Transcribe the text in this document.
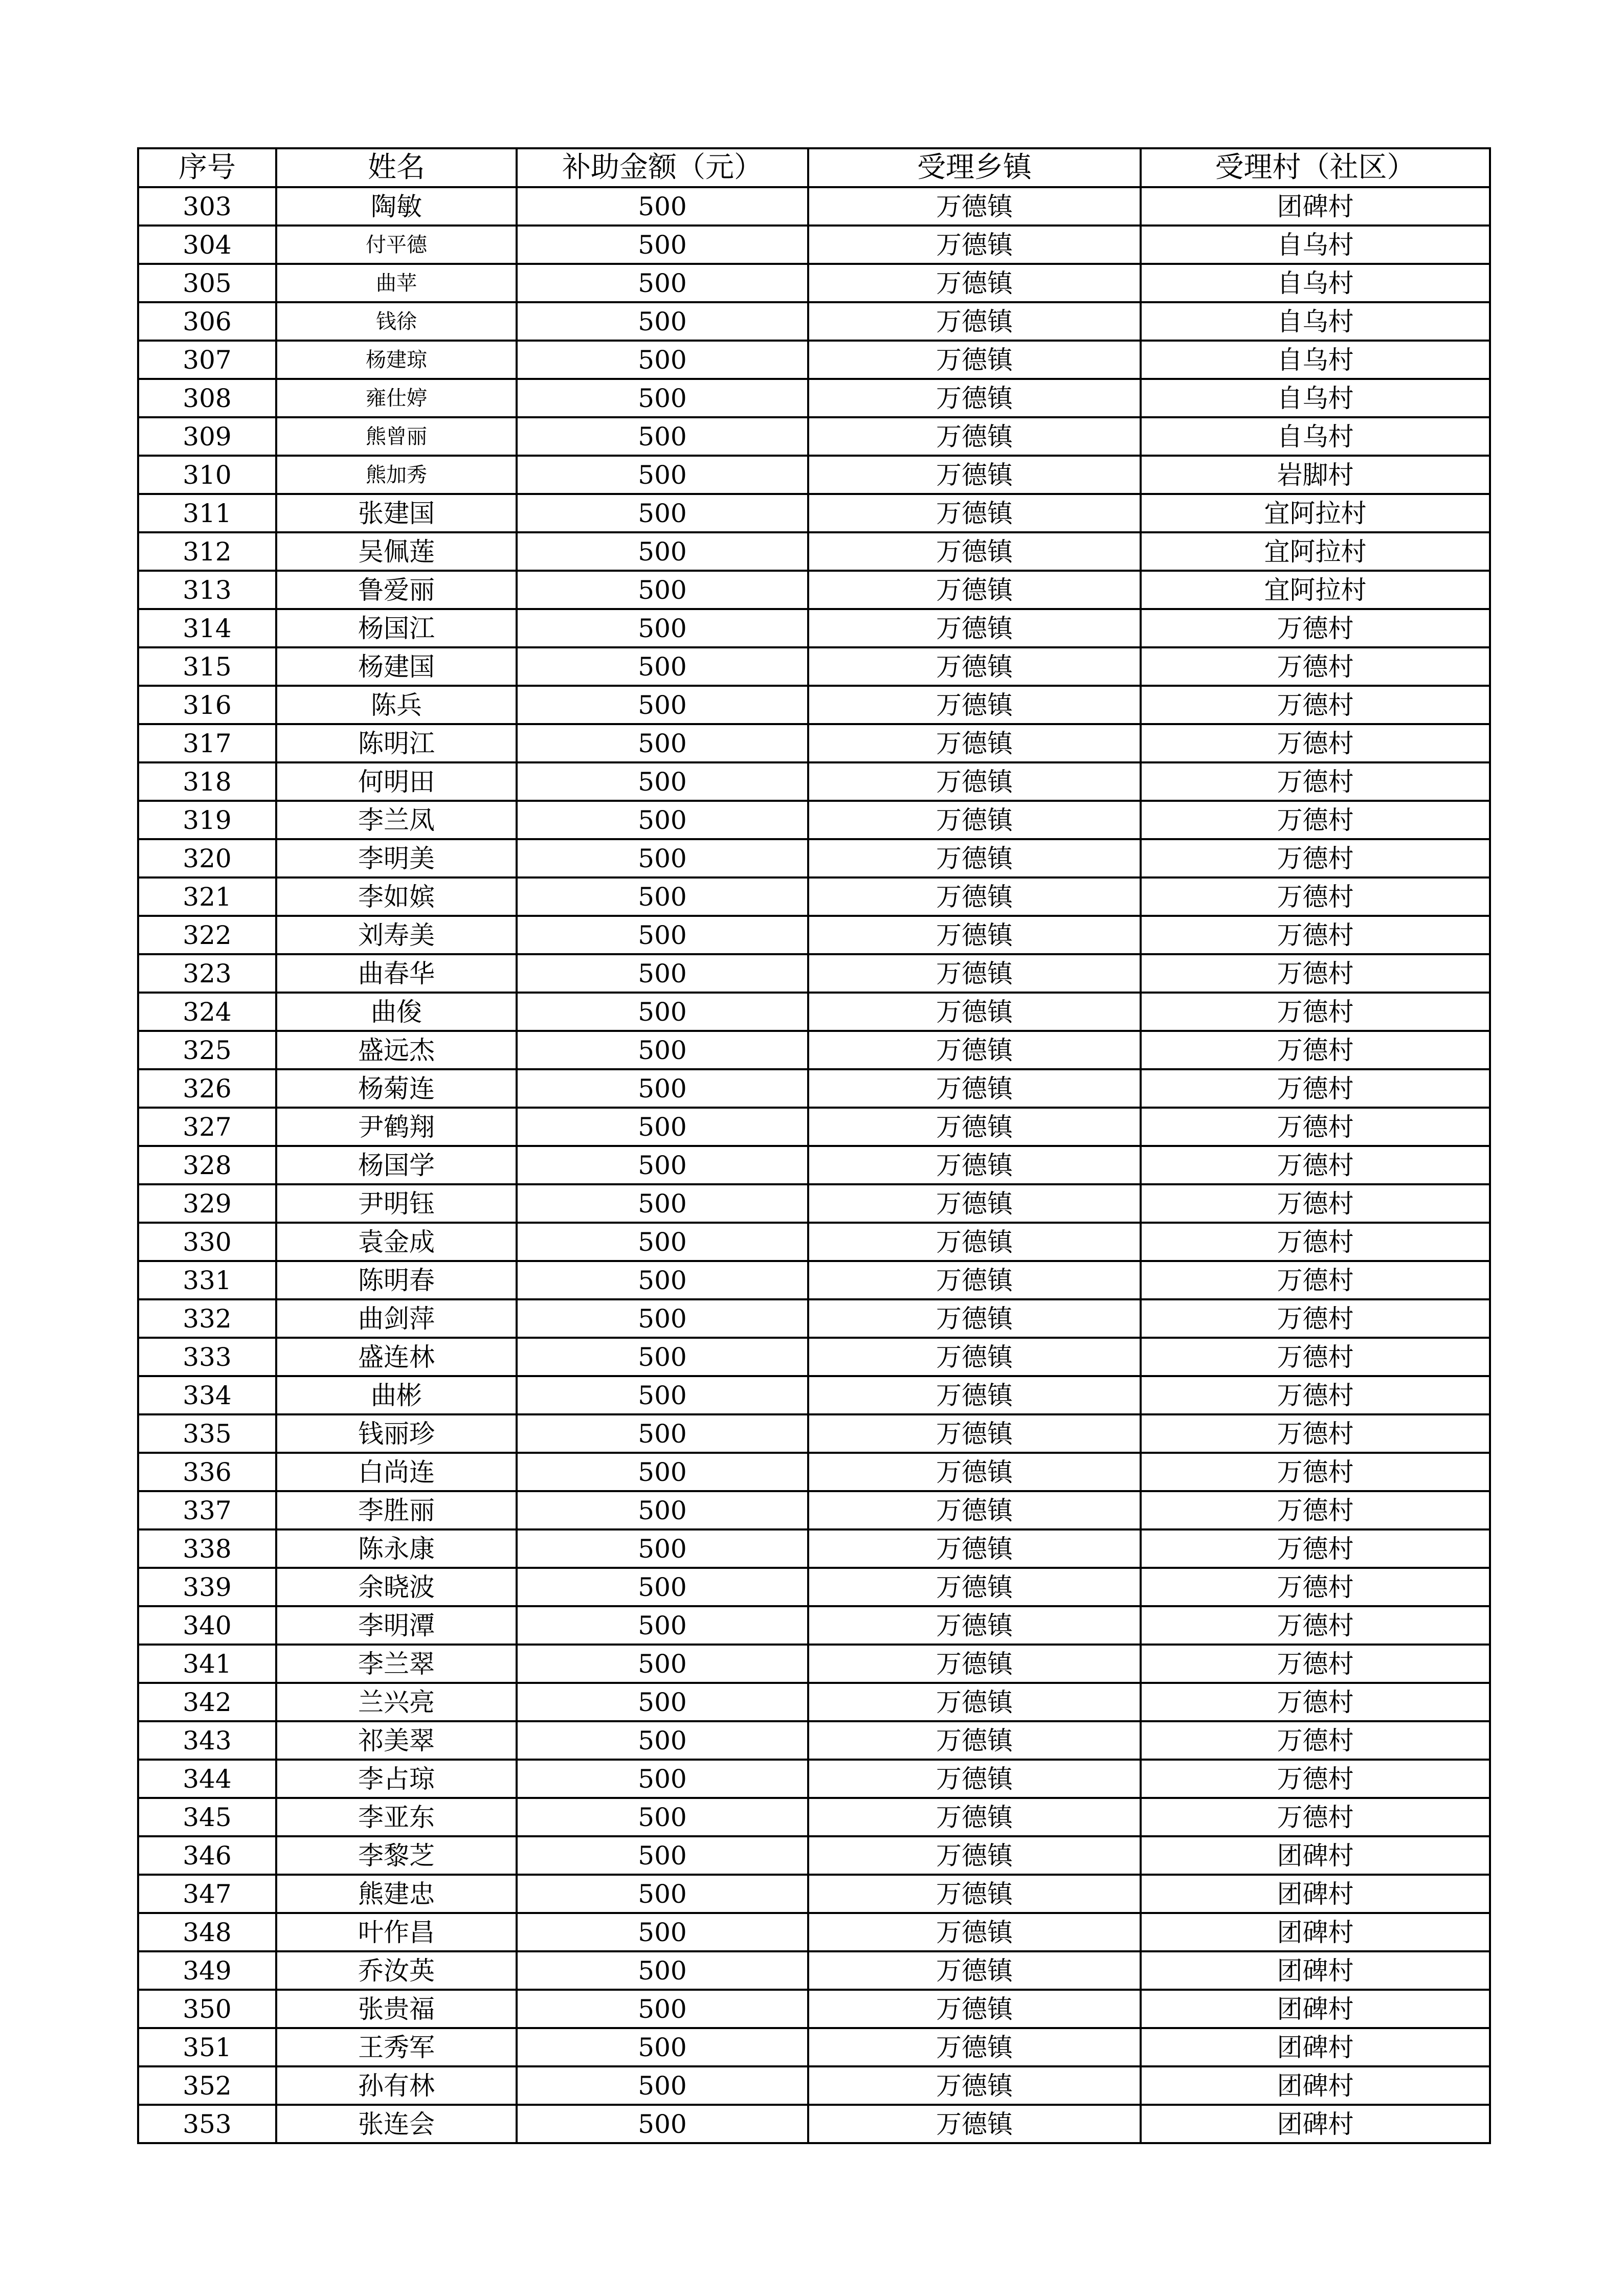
序号	姓名	补助金额（元）	受理乡镇	受理村（社区）
303	陶敏	500	万德镇	团碑村
304	付平德	500	万德镇	自乌村
305	曲苹	500	万德镇	自乌村
306	钱徐	500	万德镇	自乌村
307	杨建琼	500	万德镇	自乌村
308	雍仕婷	500	万德镇	自乌村
309	熊曾丽	500	万德镇	自乌村
310	熊加秀	500	万德镇	岩脚村
311	张建国	500	万德镇	宜阿拉村
312	吴佩莲	500	万德镇	宜阿拉村
313	鲁爱丽	500	万德镇	宜阿拉村
314	杨国江	500	万德镇	万德村
315	杨建国	500	万德镇	万德村
316	陈兵	500	万德镇	万德村
317	陈明江	500	万德镇	万德村
318	何明田	500	万德镇	万德村
319	李兰凤	500	万德镇	万德村
320	李明美	500	万德镇	万德村
321	李如嫔	500	万德镇	万德村
322	刘寿美	500	万德镇	万德村
323	曲春华	500	万德镇	万德村
324	曲俊	500	万德镇	万德村
325	盛远杰	500	万德镇	万德村
326	杨菊连	500	万德镇	万德村
327	尹鹤翔	500	万德镇	万德村
328	杨国学	500	万德镇	万德村
329	尹明钰	500	万德镇	万德村
330	袁金成	500	万德镇	万德村
331	陈明春	500	万德镇	万德村
332	曲剑萍	500	万德镇	万德村
333	盛连林	500	万德镇	万德村
334	曲彬	500	万德镇	万德村
335	钱丽珍	500	万德镇	万德村
336	白尚连	500	万德镇	万德村
337	李胜丽	500	万德镇	万德村
338	陈永康	500	万德镇	万德村
339	余晓波	500	万德镇	万德村
340	李明潭	500	万德镇	万德村
341	李兰翠	500	万德镇	万德村
342	兰兴亮	500	万德镇	万德村
343	祁美翠	500	万德镇	万德村
344	李占琼	500	万德镇	万德村
345	李亚东	500	万德镇	万德村
346	李黎芝	500	万德镇	团碑村
347	熊建忠	500	万德镇	团碑村
348	叶作昌	500	万德镇	团碑村
349	乔汝英	500	万德镇	团碑村
350	张贵福	500	万德镇	团碑村
351	王秀军	500	万德镇	团碑村
352	孙有林	500	万德镇	团碑村
353	张连会	500	万德镇	团碑村
